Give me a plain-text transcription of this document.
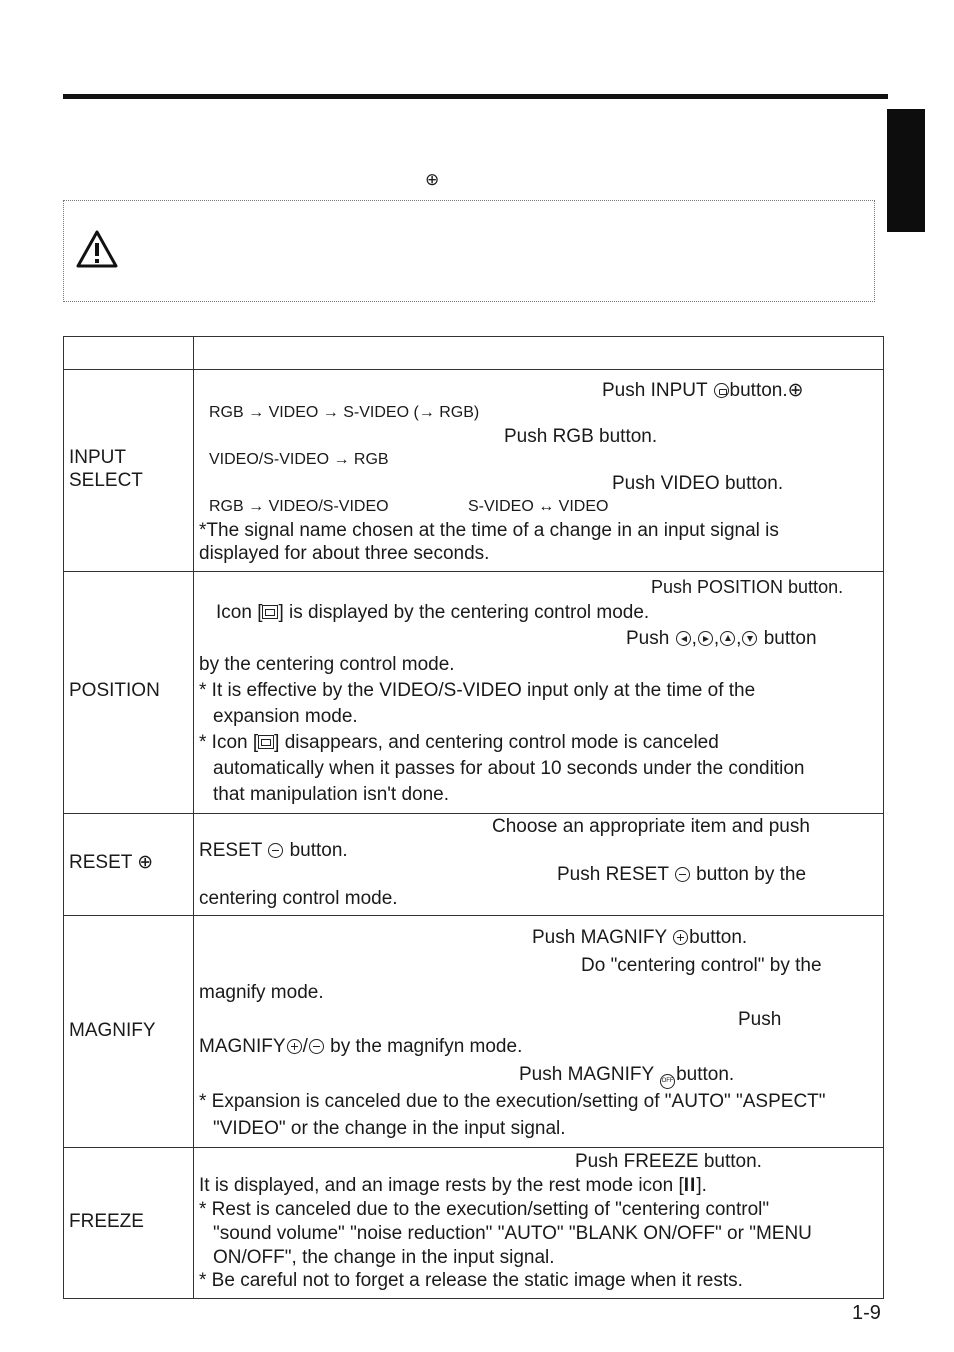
⊕
INPUT
SELECT
Push INPUT button.⊕
RGB → VIDEO → S-VIDEO (→ RGB)
Push RGB button.
VIDEO/S-VIDEO → RGB
Push VIDEO button.
RGB → VIDEO/S-VIDEO	S-VIDEO ↔ VIDEO
*The signal name chosen at the time of a change in an input signal is
displayed for about three seconds.
POSITION
Push POSITION button.
Icon [ ] is displayed by the centering control mode.
Push , , , button
by the centering control mode.
* It is effective by the VIDEO/S-VIDEO input only at the time of the
expansion mode.
* Icon [ ] disappears, and centering control mode is canceled
automatically when it passes for about 10 seconds under the condition
that manipulation isn't done.
RESET ⊕
Choose an appropriate item and push
RESET button.
Push RESET button by the
centering control mode.
MAGNIFY
Push MAGNIFY button.
Do "centering control" by the
magnify mode.
Push
MAGNIFY / by the magnifyn mode.
Push MAGNIFY OFF button.
* Expansion is canceled due to the execution/setting of "AUTO" "ASPECT"
"VIDEO" or the change in the input signal.
FREEZE
Push FREEZE button.
It is displayed, and an image rests by the rest mode icon [II].
* Rest is canceled due to the execution/setting of "centering control"
"sound volume" "noise reduction" "AUTO" "BLANK ON/OFF" or "MENU
ON/OFF", the change in the input signal.
* Be careful not to forget a release the static image when it rests.
1-9
